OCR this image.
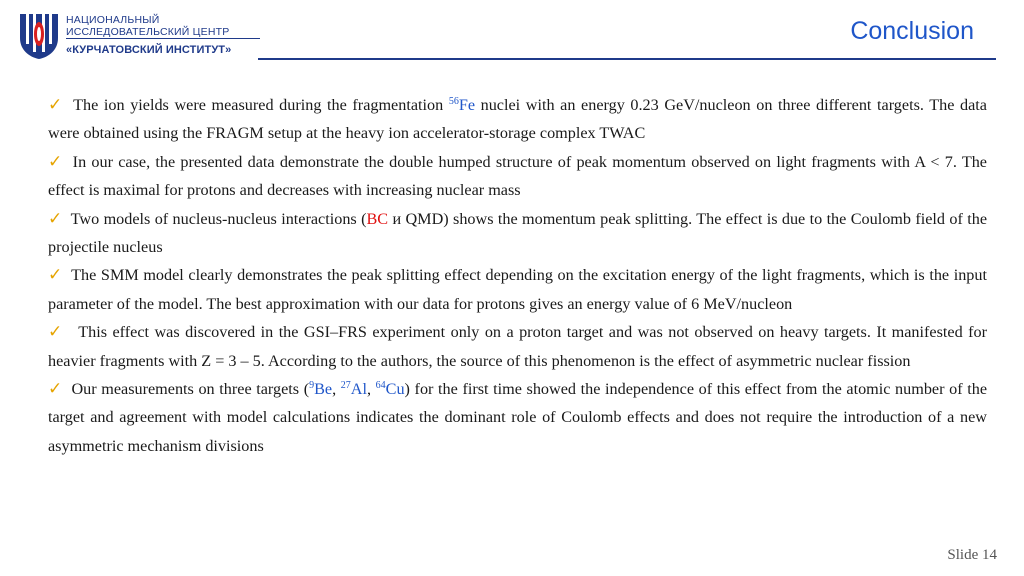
НАЦИОНАЛЬНЫЙ
ИССЛЕДОВАТЕЛЬСКИЙ ЦЕНТР
«КУРЧАТОВСКИЙ ИНСТИТУТ»
Conclusion

✓ The ion yields were measured during the fragmentation $^{56}$Fe nuclei with an energy 0.23 GeV/nucleon on three different targets. The data were obtained using the FRAGM setup at the heavy ion accelerator-storage complex TWAC

✓ In our case, the presented data demonstrate the double humped structure of peak momentum observed on light fragments with A < 7. The effect is maximal for protons and decreases with increasing nuclear mass

✓ Two models of nucleus-nucleus interactions (BC и QMD) shows the momentum peak splitting. The effect is due to the Coulomb field of the projectile nucleus

✓ The SMM model clearly demonstrates the peak splitting effect depending on the excitation energy of the light fragments, which is the input parameter of the model. The best approximation with our data for protons gives an energy value of 6 MeV/nucleon

✓  This effect was discovered in the GSI–FRS experiment only on a proton target and was not observed on heavy targets. It manifested for heavier fragments with Z = 3 – 5. According to the authors, the source of this phenomenon is the effect of asymmetric nuclear fission

✓ Our measurements on three targets ($^9$Be, $^{27}$Al, $^{64}$Cu) for the first time showed the independence of this effect from the atomic number of the target and agreement with model calculations indicates the dominant role of Coulomb effects and does not require the introduction of a new asymmetric mechanism divisions

Slide 14
